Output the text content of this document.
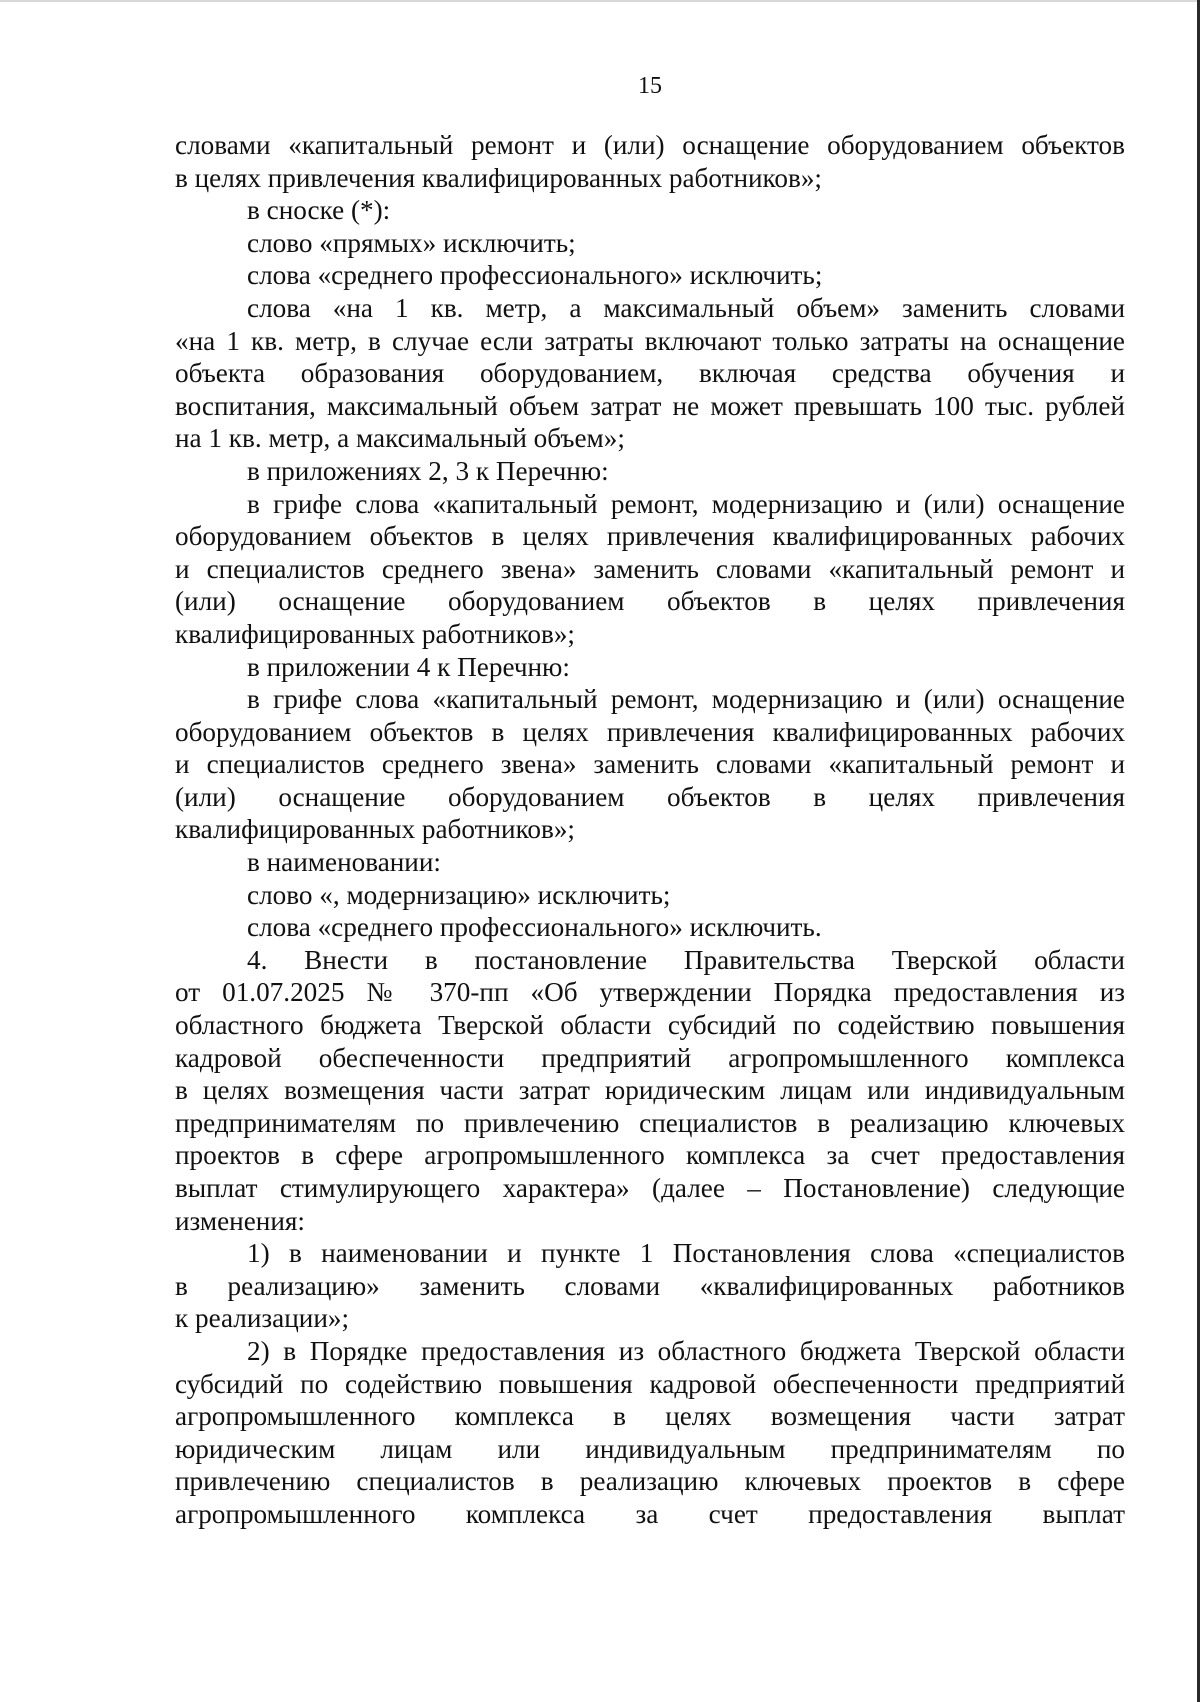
15
словами «капитальный ремонт и (или) оснащение оборудованием объектов
в целях привлечения квалифицированных работников»;
в сноске (*):
слово «прямых» исключить;
слова «среднего профессионального» исключить;
слова «на 1 кв. метр, а максимальный объем» заменить словами
«на 1 кв. метр, в случае если затраты включают только затраты на оснащение
объекта образования оборудованием, включая средства обучения и
воспитания, максимальный объем затрат не может превышать 100 тыс. рублей
на 1 кв. метр, а максимальный объем»;
в приложениях 2, 3 к Перечню:
в грифе слова «капитальный ремонт, модернизацию и (или) оснащение
оборудованием объектов в целях привлечения квалифицированных рабочих
и специалистов среднего звена» заменить словами «капитальный ремонт и
(или) оснащение оборудованием объектов в целях привлечения
квалифицированных работников»;
в приложении 4 к Перечню:
в грифе слова «капитальный ремонт, модернизацию и (или) оснащение
оборудованием объектов в целях привлечения квалифицированных рабочих
и специалистов среднего звена» заменить словами «капитальный ремонт и
(или) оснащение оборудованием объектов в целях привлечения
квалифицированных работников»;
в наименовании:
слово «, модернизацию» исключить;
слова «среднего профессионального» исключить.
4. Внести в постановление Правительства Тверской области
от 01.07.2025 № 370-пп «Об утверждении Порядка предоставления из
областного бюджета Тверской области субсидий по содействию повышения
кадровой обеспеченности предприятий агропромышленного комплекса
в целях возмещения части затрат юридическим лицам или индивидуальным
предпринимателям по привлечению специалистов в реализацию ключевых
проектов в сфере агропромышленного комплекса за счет предоставления
выплат стимулирующего характера» (далее – Постановление) следующие
изменения:
1) в наименовании и пункте 1 Постановления слова «специалистов
в реализацию» заменить словами «квалифицированных работников
к реализации»;
2) в Порядке предоставления из областного бюджета Тверской области
субсидий по содействию повышения кадровой обеспеченности предприятий
агропромышленного комплекса в целях возмещения части затрат
юридическим лицам или индивидуальным предпринимателям по
привлечению специалистов в реализацию ключевых проектов в сфере
агропромышленного комплекса за счет предоставления выплат
